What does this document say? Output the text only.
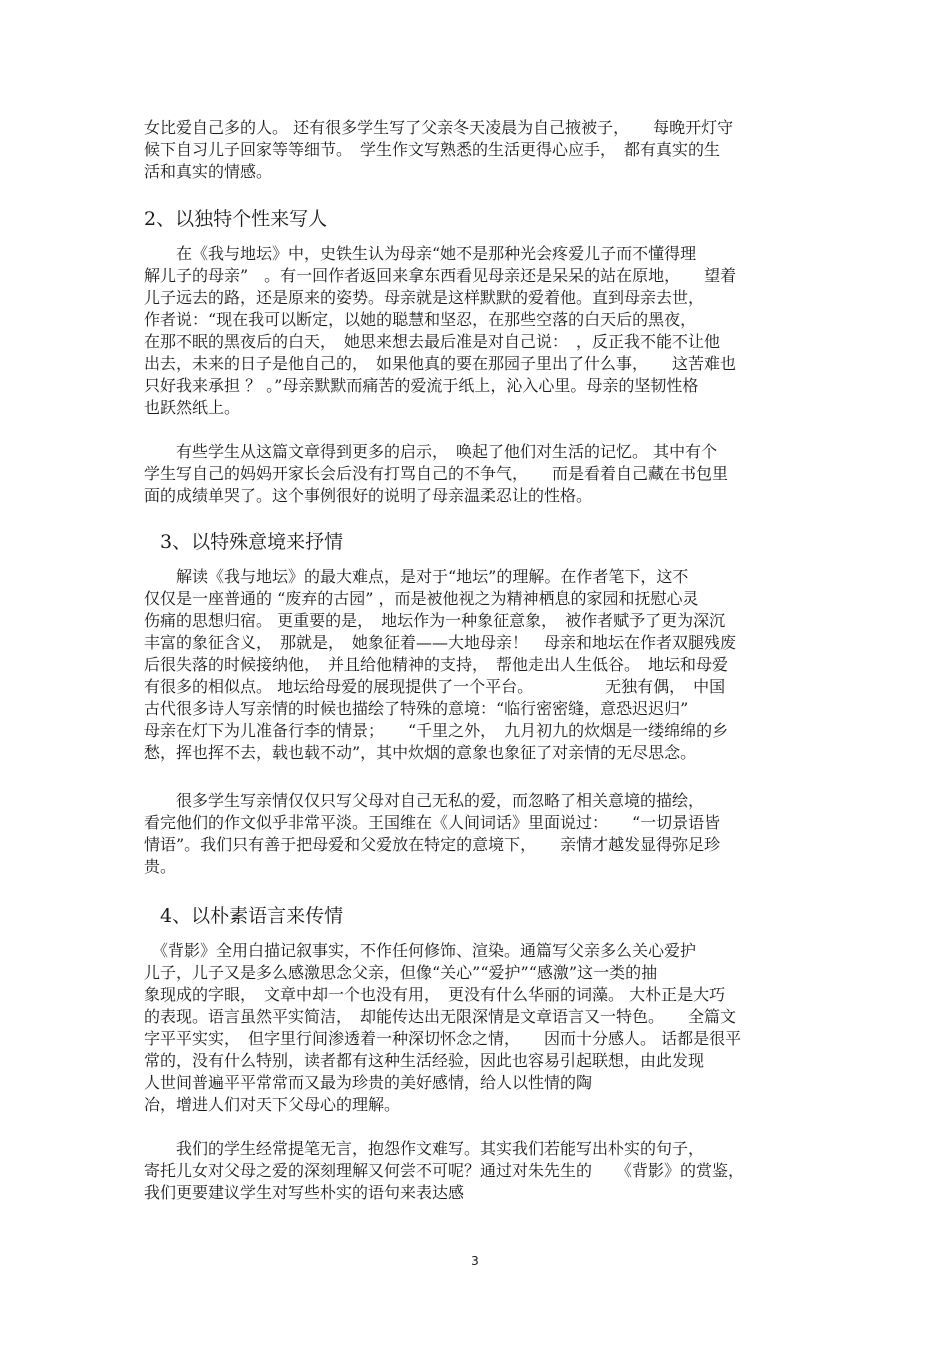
女比爱自己多的人。 还有很多学生写了父亲冬天凌晨为自己掖被子，　　每晚开灯守
候下自习儿子回家等等细节。　学生作文写熟悉的生活更得心应手，　都有真实的生
活和真实的情感。
2、以独特个性来写人
　　在《我与地坛》中，史铁生认为母亲“她不是那种光会疼爱儿子而不懂得理
解儿子的母亲”　。有一回作者返回来拿东西看见母亲还是呆呆的站在原地，　　望着
儿子远去的路，还是原来的姿势。母亲就是这样默默的爱着他。直到母亲去世，
作者说：“现在我可以断定，以她的聪慧和坚忍，在那些空落的白天后的黑夜，
在那不眠的黑夜后的白天，　她思来想去最后准是对自己说：　，反正我不能不让他
出去，未来的日子是他自己的，　如果他真的要在那园子里出了什么事，　　这苦难也
只好我来承担 ？ 。”母亲默默而痛苦的爱流于纸上，沁入心里。母亲的坚韧性格
也跃然纸上。
　　有些学生从这篇文章得到更多的启示，　唤起了他们对生活的记忆。 其中有个
学生写自己的妈妈开家长会后没有打骂自己的不争气，　　而是看着自己藏在书包里
面的成绩单哭了。这个事例很好的说明了母亲温柔忍让的性格。
3、以特殊意境来抒情
　　解读《我与地坛》的最大难点，是对于“地坛”的理解。在作者笔下，这不
仅仅是一座普通的 “废弃的古园” ，而是被他视之为精神栖息的家园和抚慰心灵
伤痛的思想归宿。 更重要的是，　地坛作为一种象征意象，　被作者赋予了更为深沉
丰富的象征含义，　那就是，　她象征着——大地母亲！　母亲和地坛在作者双腿残废
后很失落的时候接纳他，　并且给他精神的支持，　帮他走出人生低谷。　地坛和母爱
有很多的相似点。 地坛给母爱的展现提供了一个平台。　　　　　无独有偶，　中国
古代很多诗人写亲情的时候也描绘了特殊的意境：“临行密密缝，意恐迟迟归”
母亲在灯下为儿准备行李的情景；　　“千里之外，　九月初九的炊烟是一缕绵绵的乡
愁，挥也挥不去，载也载不动”，其中炊烟的意象也象征了对亲情的无尽思念。
　　很多学生写亲情仅仅只写父母对自己无私的爱，而忽略了相关意境的描绘，
看完他们的作文似乎非常平淡。王国维在《人间词话》里面说过：　　“一切景语皆
情语”。我们只有善于把母爱和父爱放在特定的意境下，　　亲情才越发显得弥足珍
贵。
4、以朴素语言来传情
　《背影》全用白描记叙事实，不作任何修饰、渲染。通篇写父亲多么关心爱护
儿子，儿子又是多么感激思念父亲，但像“关心”“爱护”“感激”这一类的抽
象现成的字眼，　文章中却一个也没有用，　更没有什么华丽的词藻。 大朴正是大巧
的表现。语言虽然平实简洁，　却能传达出无限深情是文章语言又一特色。　　全篇文
字平平实实，　但字里行间渗透着一种深切怀念之情，　　因而十分感人。 话都是很平
常的，没有什么特别，读者都有这种生活经验，因此也容易引起联想，由此发现
人世间普遍平平常常而又最为珍贵的美好感情，给人以性情的陶
冶，增进人们对天下父母心的理解。
　　我们的学生经常提笔无言，抱怨作文难写。其实我们若能写出朴实的句子，
寄托儿女对父母之爱的深刻理解又何尝不可呢？通过对朱先生的　　《背影》的赏鉴，
我们更要建议学生对写些朴实的语句来表达感
3
